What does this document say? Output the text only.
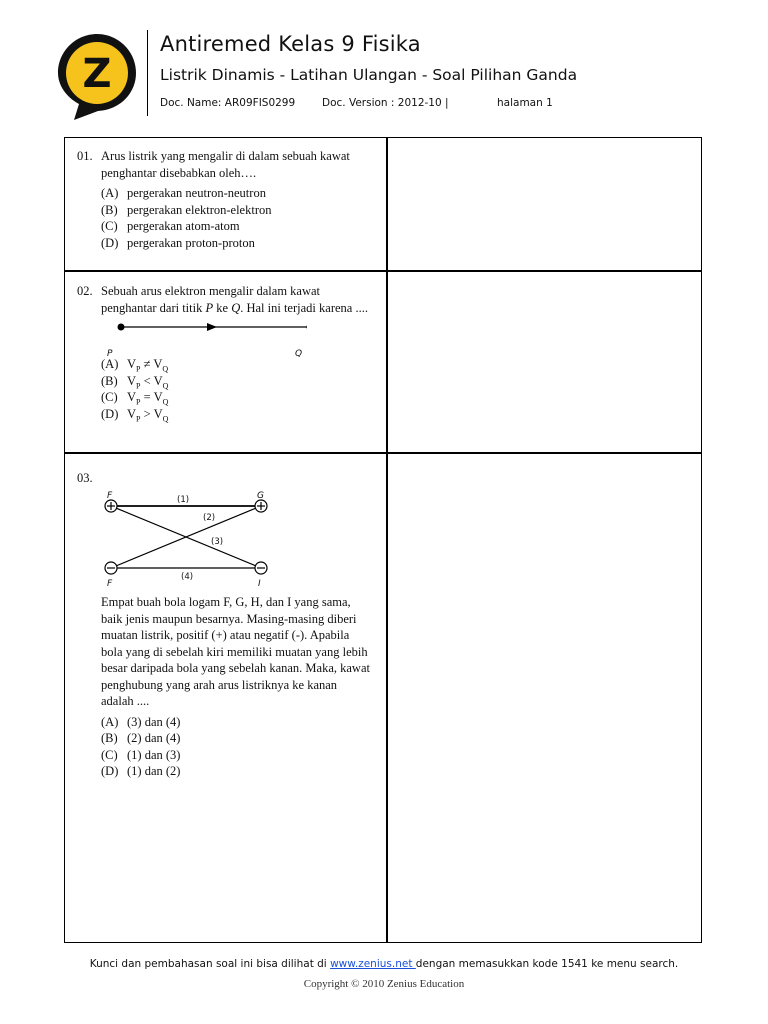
Z
Antiremed Kelas 9 Fisika
Listrik Dinamis - Latihan Ulangan - Soal Pilihan Ganda
Doc. Name: AR09FIS0299	Doc. Version : 2012-10 |	halaman 1
01. Arus listrik yang mengalir di dalam sebuah kawat penghantar disebabkan oleh….
(A) pergerakan neutron-neutron
(B) pergerakan elektron-elektron
(C) pergerakan atom-atom
(D) pergerakan proton-proton
02. Sebuah arus elektron mengalir dalam kawat penghantar dari titik P ke Q. Hal ini terjadi karena ....
P	Q
(A) $V_P \ne V_Q$
(B) $V_P < V_Q$
(C) $V_P = V_Q$
(D) $V_P > V_Q$
03.
F	G
F	I
(1)
(2)
(3)
(4)
Empat buah bola logam F, G, H, dan I yang sama, baik jenis maupun besarnya. Masing-masing diberi muatan listrik, positif (+) atau negatif (-). Apabila bola yang di sebelah kiri memiliki muatan yang lebih besar daripada bola yang sebelah kanan. Maka, kawat penghubung yang arah arus listriknya ke kanan adalah ....
(A) (3) dan (4)
(B) (2) dan (4)
(C) (1) dan (3)
(D) (1) dan (2)
Kunci dan pembahasan soal ini bisa dilihat di www.zenius.net dengan memasukkan kode 1541 ke menu search.
Copyright © 2010 Zenius Education
